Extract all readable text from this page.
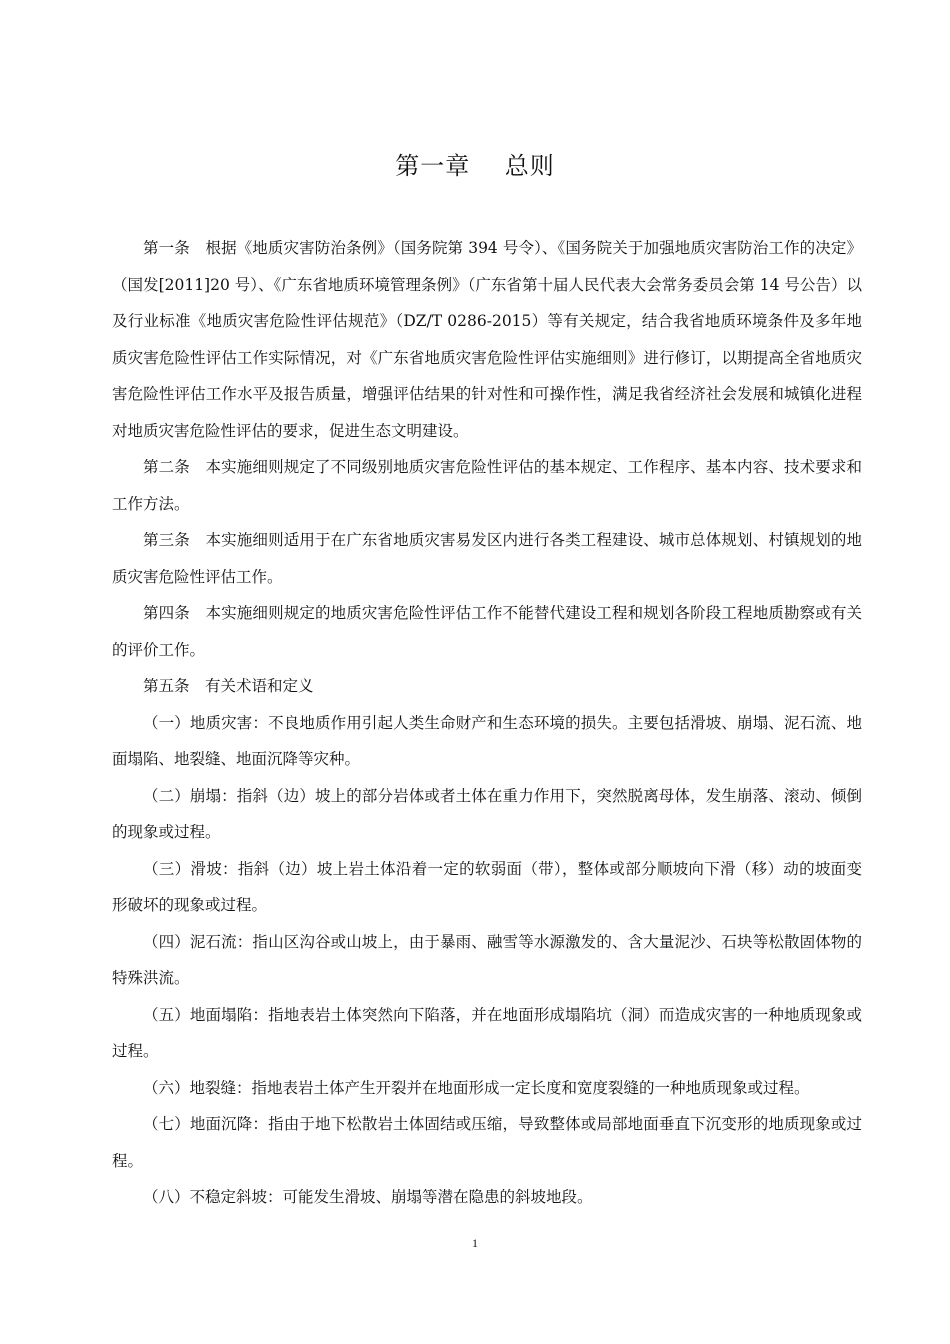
第一章    总则

第一条　根据《地质灾害防治条例》（国务院第 394 号令）、《国务院关于加强地质灾害防治工作的决定》（国发[2011]20 号）、《广东省地质环境管理条例》（广东省第十届人民代表大会常务委员会第 14 号公告）以及行业标准《地质灾害危险性评估规范》（DZ/T 0286-2015）等有关规定，结合我省地质环境条件及多年地质灾害危险性评估工作实际情况，对《广东省地质灾害危险性评估实施细则》进行修订，以期提高全省地质灾害危险性评估工作水平及报告质量，增强评估结果的针对性和可操作性，满足我省经济社会发展和城镇化进程对地质灾害危险性评估的要求，促进生态文明建设。

第二条　本实施细则规定了不同级别地质灾害危险性评估的基本规定、工作程序、基本内容、技术要求和工作方法。

第三条　本实施细则适用于在广东省地质灾害易发区内进行各类工程建设、城市总体规划、村镇规划的地质灾害危险性评估工作。

第四条　本实施细则规定的地质灾害危险性评估工作不能替代建设工程和规划各阶段工程地质勘察或有关的评价工作。

第五条　有关术语和定义

（一）地质灾害：不良地质作用引起人类生命财产和生态环境的损失。主要包括滑坡、崩塌、泥石流、地面塌陷、地裂缝、地面沉降等灾种。

（二）崩塌：指斜（边）坡上的部分岩体或者土体在重力作用下，突然脱离母体，发生崩落、滚动、倾倒的现象或过程。

（三）滑坡：指斜（边）坡上岩土体沿着一定的软弱面（带），整体或部分顺坡向下滑（移）动的坡面变形破坏的现象或过程。

（四）泥石流：指山区沟谷或山坡上，由于暴雨、融雪等水源激发的、含大量泥沙、石块等松散固体物的特殊洪流。

（五）地面塌陷：指地表岩土体突然向下陷落，并在地面形成塌陷坑（洞）而造成灾害的一种地质现象或过程。

（六）地裂缝：指地表岩土体产生开裂并在地面形成一定长度和宽度裂缝的一种地质现象或过程。

（七）地面沉降：指由于地下松散岩土体固结或压缩，导致整体或局部地面垂直下沉变形的地质现象或过程。

（八）不稳定斜坡：可能发生滑坡、崩塌等潜在隐患的斜坡地段。

1
